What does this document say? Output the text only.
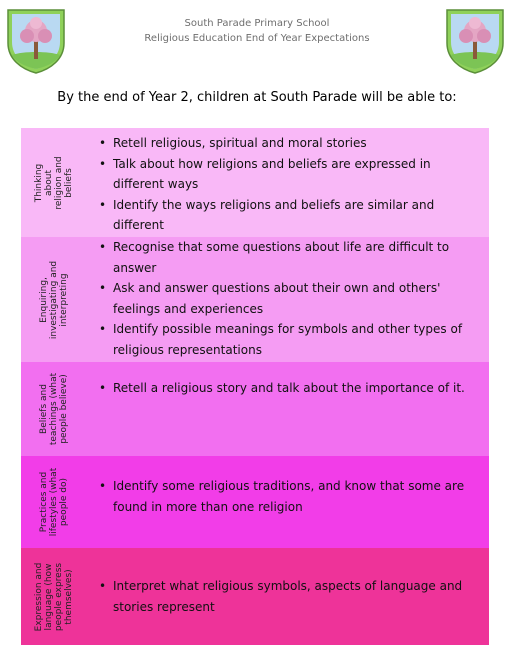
South Parade Primary School
Religious Education End of Year Expectations
By the end of Year 2, children at South Parade will be able to:
Thinking about religion and beliefs
• Retell religious, spiritual and moral stories
• Talk about how religions and beliefs are expressed in different ways
• Identify the ways religions and beliefs are similar and different
Enquiring, investigating and interpreting
• Recognise that some questions about life are difficult to answer
• Ask and answer questions about their own and others' feelings and experiences
• Identify possible meanings for symbols and other types of religious representations
Beliefs and teachings (what people believe)	• Retell a religious story and talk about the importance of it.
Practices and lifestyles (what people do)	• Identify some religious traditions, and know that some are found in more than one religion
Expression and language (how people express themselves)	• Interpret what religious symbols, aspects of language and stories represent
